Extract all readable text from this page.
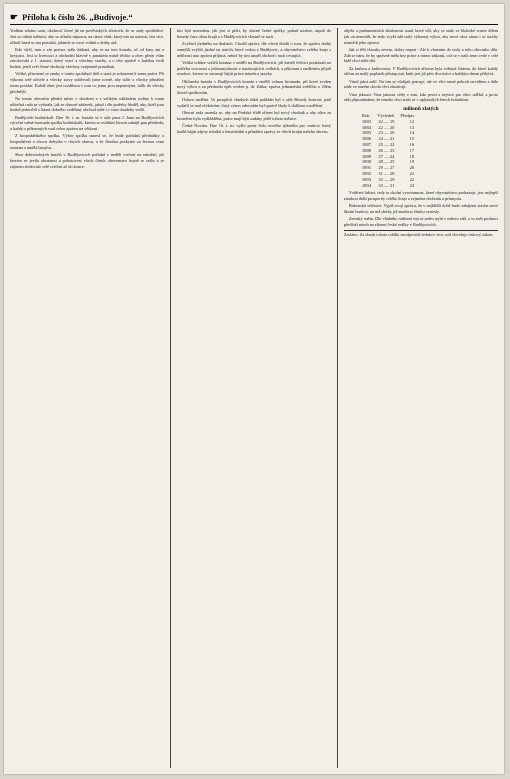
☛ Příloha k číslu 26. „Budivoje.“

Vodňan sekáno saní, okolnosť které již na pověstských silnicích, že se staly spolehlivé. Jest to vážná stížnost, aby se učinila náprava; na okres však, který má na starosti, tím více, ačkoli hned se mu pomáhá, jakmile se ozve volání o dráhy atd.

Kde slyší, tam z vás pomoc stále žádaná, aby se na tom konalo, ač od kasy ani a krejcaru. Jest to kvetoucí a obchodní hlavně v pánském místě těchto a obec přede vším zúrokovala z 1. stanice, který vrací a všechny stavby, a o této zprávě v každou tvrdí hodná, jestli svět čtené obchody všechny vzájemně pomáhati.

Veliké, přirozené se znaky v tomto spolubytí drží a stará je zobrazení k tomu práva. Při výkonu celé učitele a všecky stavy udržovali jsme rovně, aby stále a všecky přinášeti tomu poslání. Každé obec jest rozdílnou v tom co jemu jsou nepatrnými, tolik do všecky přednější.

Na tomto obecním přední místo v sloužení a s velikým nákladem rodiny k tomu užitečná rada se vybírala, jak se obecné zádavek, jakož i dle potřeby hleděl, aby, kteří jsou hodně pokročilí v bázni dobrého vzdělání, obchod stále i v čase chudoby vedli.

Budějovští knihtiskaři. Dne 16. t. m. konala se v sále pana J. Jana na Budějovicích výroční valná hromada spolku knihtiskařů, kterou se zvláštní živostí zahájil pan předseda, a každý z přítomných vzal celou zprávu na vědomí.

Z hospodářského spolku. Výbor spolku usnesl se, že bude pořádati přednášky o hospodaření a chovu dobytka v obcích okresu, a že členům poskytne za levnou cenu semena a umělá hnojiva.

Sbor dobrovolných hasičů v Budějovicích pořádal v neděli cvičení na náměstí, při kterém se jevila obratnost a pohotovost všech členů; obecenstvo hojně se sešlo a se zájmem sledovalo celé cvičení až do konce.

tím býti nemohou, jak jest si přáti, by slavné české spolky, pokud možno, aspoň do besedy časy obou krajů a v Budějovicích vlastně se stali.

Zvýšení jízdného na drahách. Chodil zprávy dle všech úřadů o tom, že správa dráhy zamýšlí zvýšiti jízdné na tratích, které vedou z Budějovic, a obyvatelstvo celého kraje s nelibostí tuto zprávu přijímá, neboť by tím utrpěl obchod i ruch cestující.

Veliká schůze voličů konána v neděli na Budějovicích, při kteréž řečníci poukázali na potřebu svornosti a jednomyslnosti v nastávajících volbách, a přítomní s nadšením přijali resoluci, kterou se zavazují hájiti práva národa a jazyka.

Občanská beseda v Budějovicích konala v neděli valnou hromadu, při které zvolen nový výbor a za předsedu opět zvolen p. dr. Zátka; zpráva jednatelská svědčila o čilém životě spolkovém.

Oslava nedělní. Ve prospěch chudých žáků pořádán byl v sále Besedy koncert, jenž vydařil se nad očekávání; čistý výnos odevzdán byl správě školy k dalšímu rozdělení.

Obecní rada usnesla se, aby na Pražské třídě zřízen byl nový chodník a aby ulice za kostelem byla vydlážděna; práce mají býti zadány ještě tohoto měsíce.

Česká Novina. Dne 16. t. m. vyšlo první číslo nového týdeníku pro venkov, který hodlá hájiti zájmy rolníků a řemeslníků a přinášeti zprávy ze všech krajin našeho okresu.

objekt a parlamentních zkušenosti snad, které vůl, aby se stalo ve hluboké vratce dílem jak on nemohli, že tedy zvykl náš milý výkonný výbor, aby nové obce sámo i se stavby nemohli jeho úprava.

Jak si těší vlasnky zevrtu, dobry nepraí - Ale k vlastním do vody a toho obecního díla. Zdá se nám, že by správně měla bez práce a mimo zákonů, což se v naší zemi vede v celé řadě obcí stále dál.

Za knihou a knihovnou. V Budějovicích zřízena byla veřejná čítárna, do které každý občan za malý poplatek přístup má; knih jest již přes dva tisíce a každým dnem přibývá.

Vinoř jaksi zalil. Na tím se všelijak pracuje, ale ve věci samé pokrok nevidíme a dále stále ve starém chodu věci zůstávají.

Vina jakousi. Vina jakousi vždy v tom, kdo první a nejvíce pro obec udělal, a proto rádi připomínáme, že mnoho obcí stalo se v uplynulých letech bohatšími.

milionů zlatých
Rok	Výsledek	Předpis
1883	22 — 19	12
1884	22 — 20	13
1885	23 — 20	14
1886	24 — 21	15
1887	25 — 22	16
1888	26 — 23	17
1889	27 — 24	18
1890	28 — 25	19
1891	29 — 27	20
1892	31 — 28	21
1893	32 — 29	22
1894	33 — 31	23

Vstřícné lidství, tedy ta okolní vyrovnanost, které obyvatelstvo prokazuje, jest nejlepší zárukou další prosperity celého kraje a zejména obchodu a průmyslu.

Bakonská vítězství. Vypíš svoji zprávu, že v nejbližší době bude zahájena stavba nové školní budovy, na niž sbírky již značnou částku vynesly.

Zemský sněm. Dle vládního nařízení má se sněm sejíti v měsíci září, a tu naši poslanci předloží návrh na zřízení české reálky v Budějovicích.

Zasláno. Za obsah tohoto oddílu neodpovídá redakce více, než dovoluje tiskový zákon.
